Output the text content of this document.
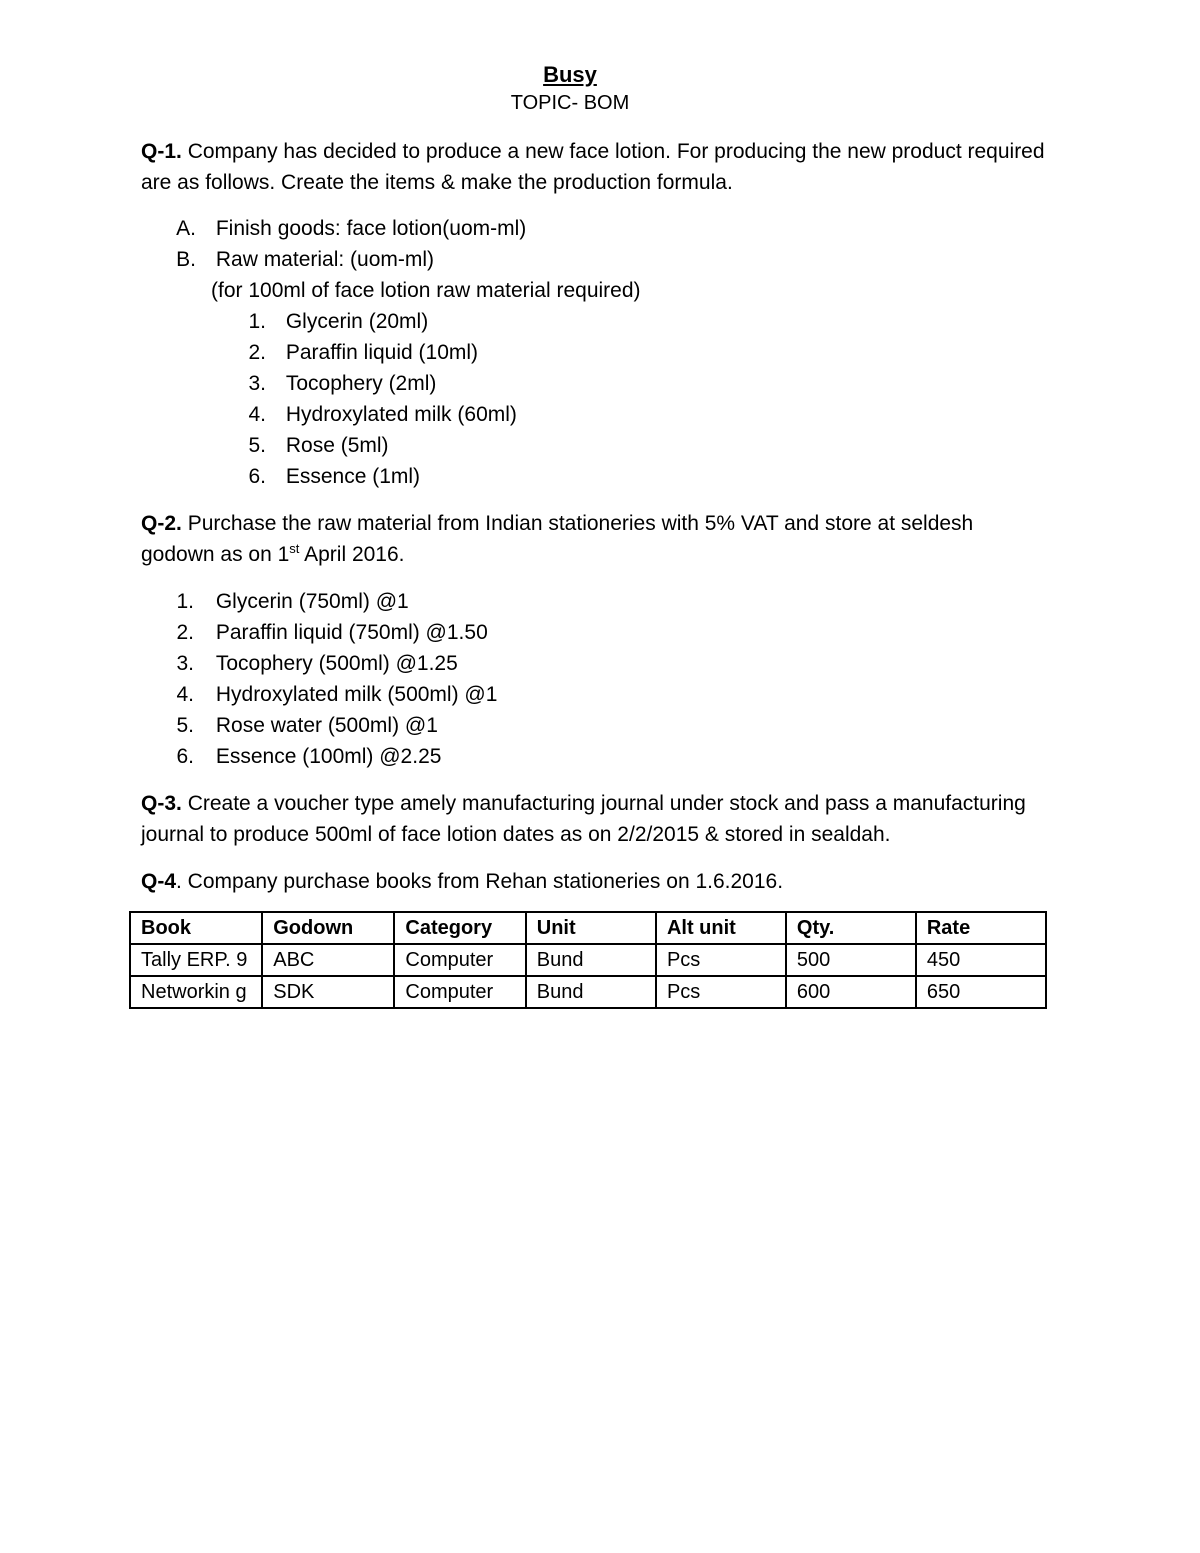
Busy
TOPIC- BOM
Q-1. Company has decided to produce a new face lotion. For producing the new product required are as follows. Create the items & make the production formula.
A. Finish goods: face lotion(uom-ml)
B. Raw material: (uom-ml)
(for 100ml of face lotion raw material required)
1. Glycerin (20ml)
2. Paraffin liquid (10ml)
3. Tocophery (2ml)
4. Hydroxylated milk (60ml)
5. Rose (5ml)
6. Essence (1ml)
Q-2. Purchase the raw material from Indian stationeries with 5% VAT and store at seldesh godown as on 1st April 2016.
1. Glycerin (750ml) @1
2. Paraffin liquid (750ml) @1.50
3. Tocophery (500ml) @1.25
4. Hydroxylated milk (500ml) @1
5. Rose water (500ml) @1
6. Essence (100ml) @2.25
Q-3. Create a voucher type amely manufacturing journal under stock and pass a manufacturing journal to produce 500ml of face lotion dates as on 2/2/2015 & stored in sealdah.
Q-4. Company purchase books from Rehan stationeries on 1.6.2016.
Book	Godown	Category	Unit	Alt unit	Qty.	Rate
Tally ERP. 9	ABC	Computer	Bund	Pcs	500	450
Networkin g	SDK	Computer	Bund	Pcs	600	650
